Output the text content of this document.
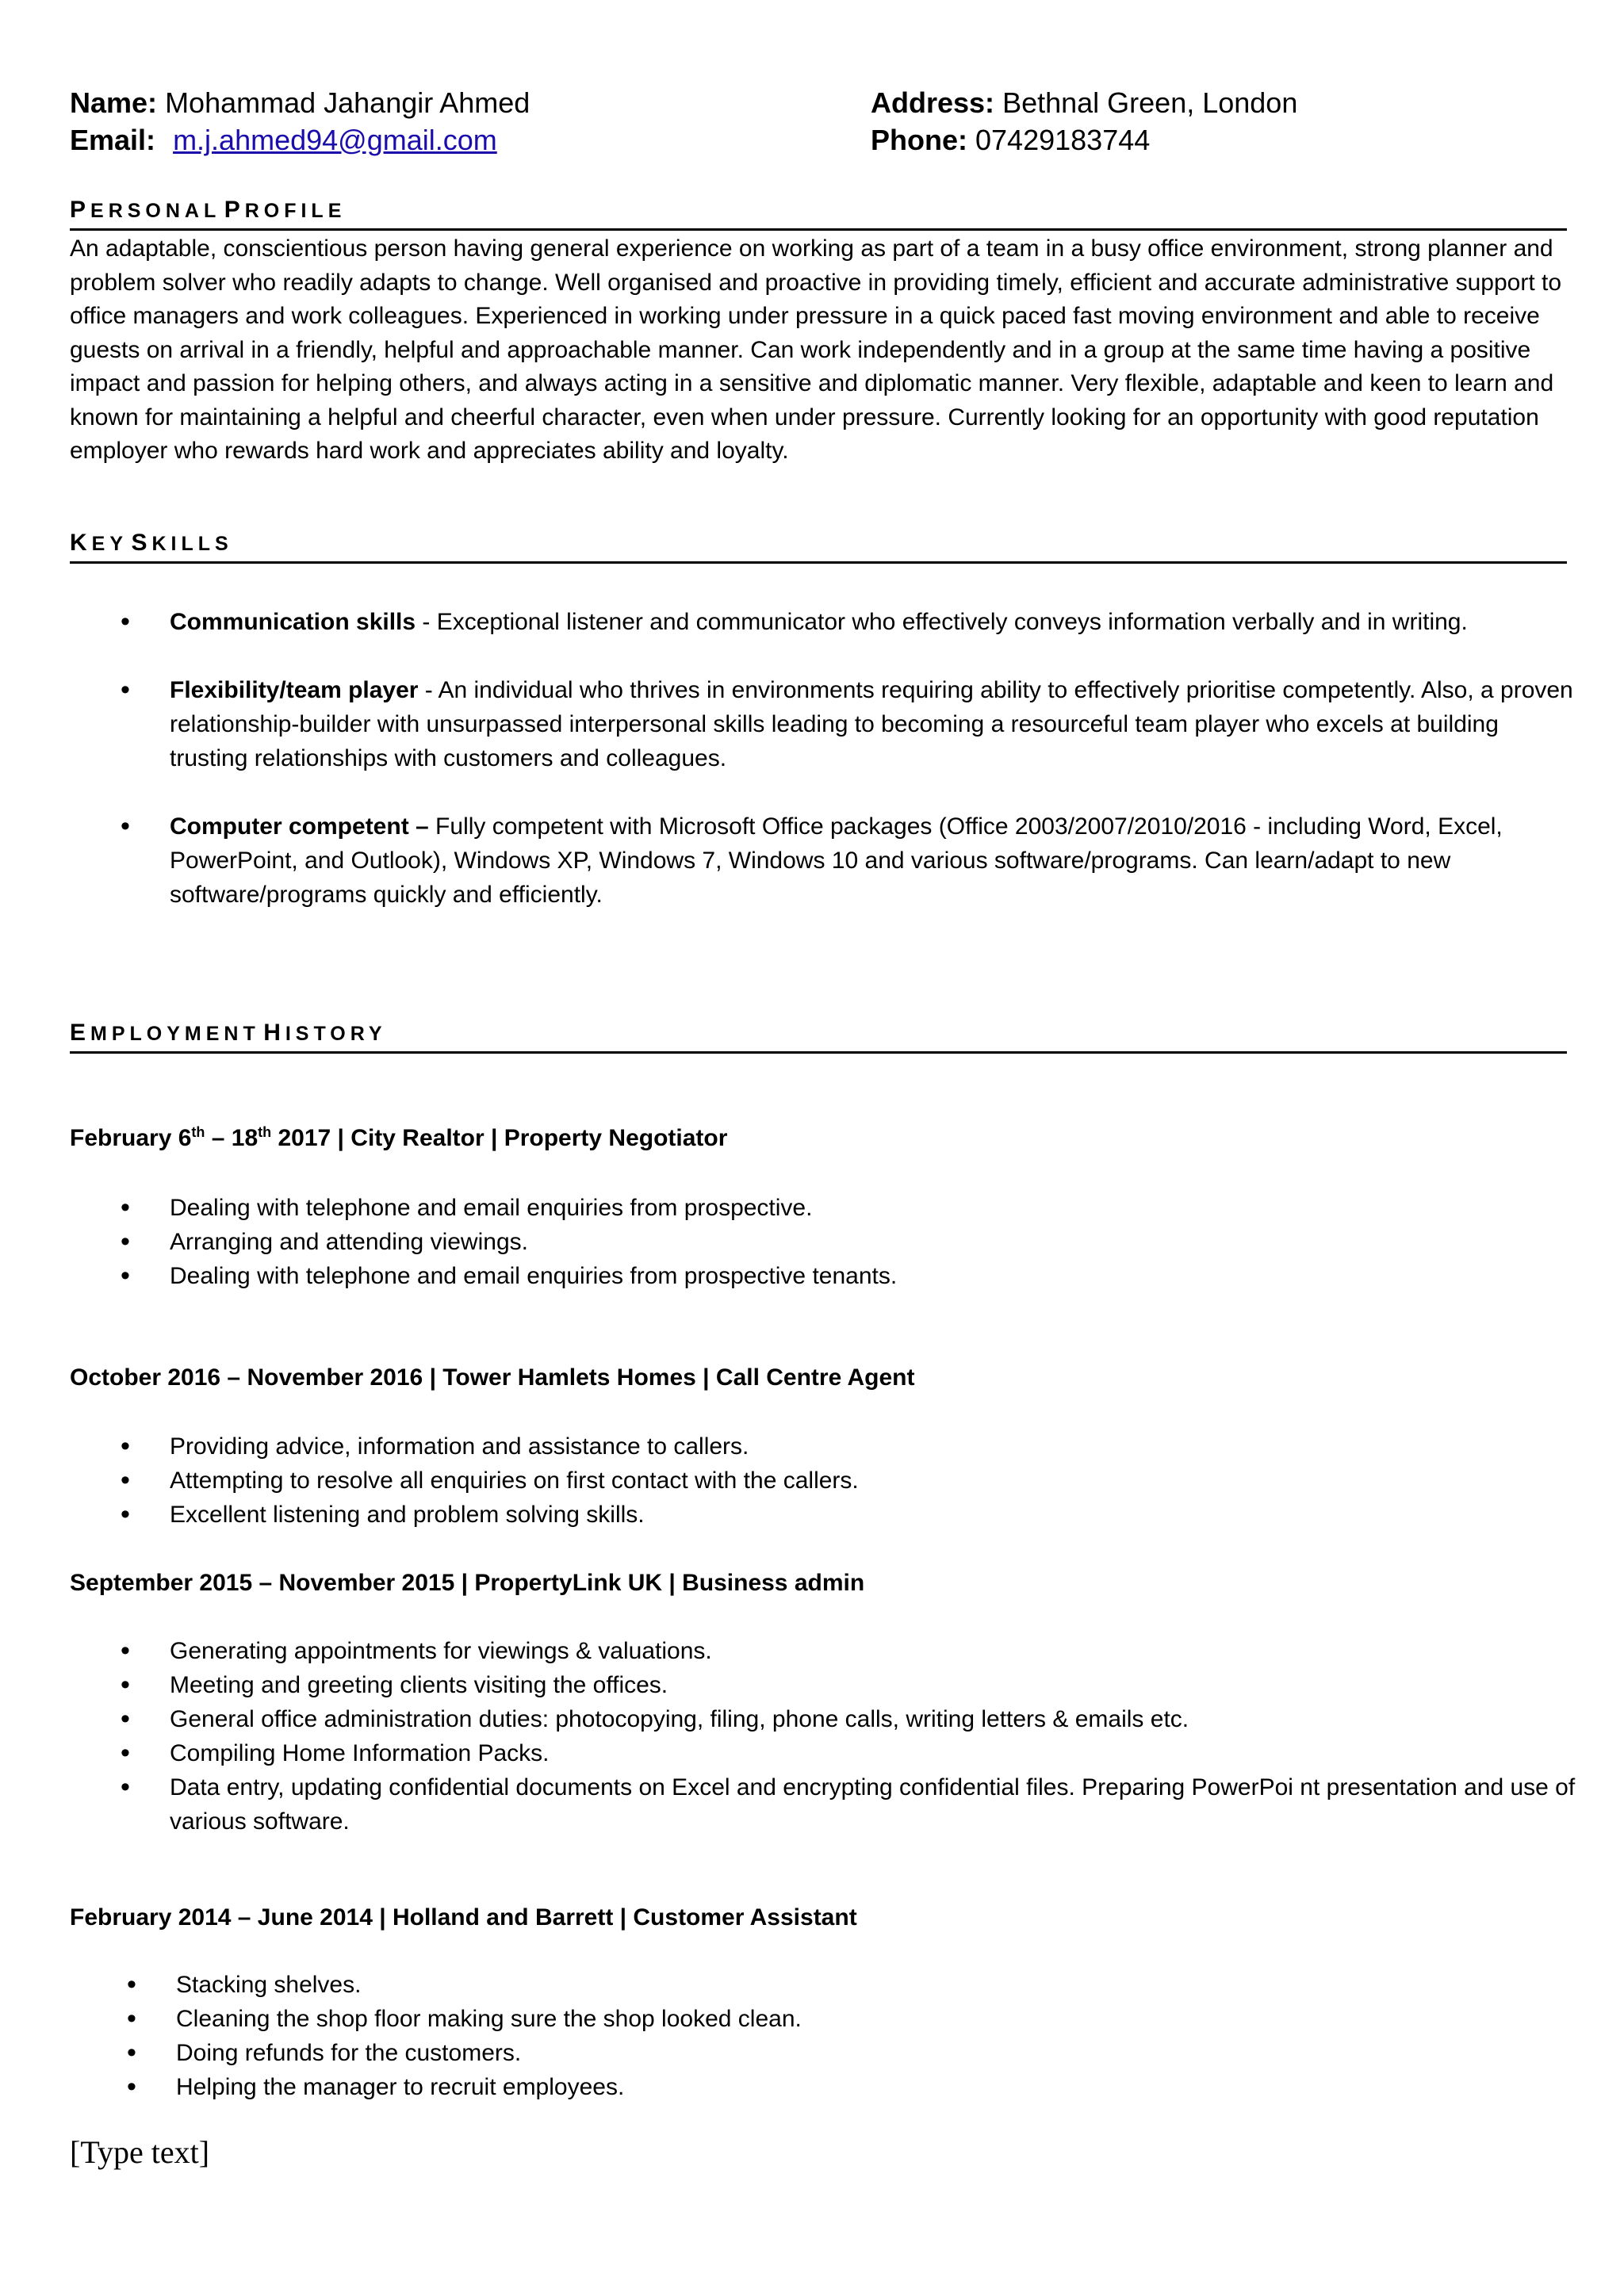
Name: Mohammad Jahangir Ahmed
Email: m.j.ahmed94@gmail.com
Address: Bethnal Green, London
Phone: 07429183744
PERSONAL PROFILE

An adaptable, conscientious person having general experience on working as part of a team in a busy office environment, strong planner and problem solver who readily adapts to change. Well organised and proactive in providing timely, efficient and accurate administrative support to office managers and work colleagues. Experienced in working under pressure in a quick paced fast moving environment and able to receive guests on arrival in a friendly, helpful and approachable manner. Can work independently and in a group at the same time having a positive impact and passion for helping others, and always acting in a sensitive and diplomatic manner. Very flexible, adaptable and keen to learn and known for maintaining a helpful and cheerful character, even when under pressure. Currently looking for an opportunity with good reputation employer who rewards hard work and appreciates ability and loyalty.

KEY SKILLS
• Communication skills - Exceptional listener and communicator who effectively conveys information verbally and in writing.
• Flexibility/team player - An individual who thrives in environments requiring ability to effectively prioritise competently. Also, a proven relationship-builder with unsurpassed interpersonal skills leading to becoming a resourceful team player who excels at building trusting relationships with customers and colleagues.
• Computer competent – Fully competent with Microsoft Office packages (Office 2003/2007/2010/2016 - including Word, Excel, PowerPoint, and Outlook), Windows XP, Windows 7, Windows 10 and various software/programs. Can learn/adapt to new software/programs quickly and efficiently.
EMPLOYMENT HISTORY
February 6th – 18th 2017 | City Realtor | Property Negotiator
• Dealing with telephone and email enquiries from prospective.
• Arranging and attending viewings.
• Dealing with telephone and email enquiries from prospective tenants.
October 2016 – November 2016 | Tower Hamlets Homes | Call Centre Agent
• Providing advice, information and assistance to callers.
• Attempting to resolve all enquiries on first contact with the callers.
• Excellent listening and problem solving skills.
September 2015 – November 2015 | PropertyLink UK | Business admin
• Generating appointments for viewings & valuations.
• Meeting and greeting clients visiting the offices.
• General office administration duties: photocopying, filing, phone calls, writing letters & emails etc.
• Compiling Home Information Packs.
• Data entry, updating confidential documents on Excel and encrypting confidential files. Preparing PowerPoi nt presentation and use of various software.
February 2014 – June 2014 | Holland and Barrett | Customer Assistant
• Stacking shelves.
• Cleaning the shop floor making sure the shop looked clean.
• Doing refunds for the customers.
• Helping the manager to recruit employees.
[Type text]
